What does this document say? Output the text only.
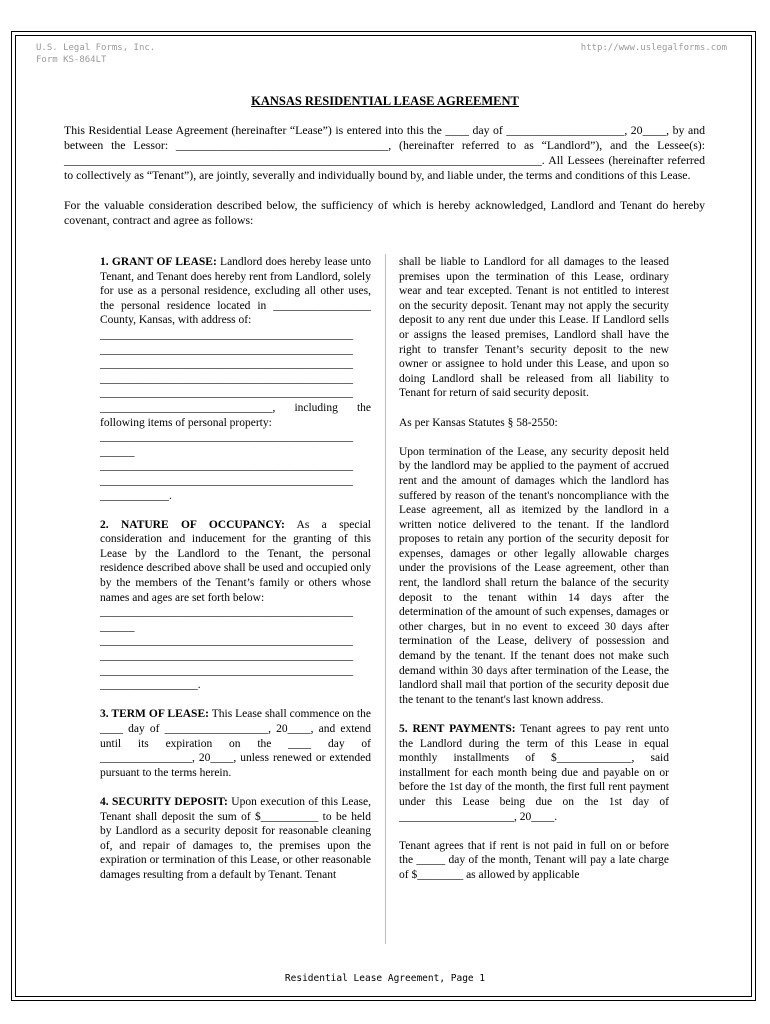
U.S. Legal Forms, Inc.
Form KS-864LT
http://www.uslegalforms.com
KANSAS RESIDENTIAL LEASE AGREEMENT

This Residential Lease Agreement (hereinafter “Lease”) is entered into this the ____ day of ____________________, 20____, by and between the Lessor: ____________________________________, (hereinafter referred to as “Landlord”), and the Lessee(s): _________________________________________________________________________________. All Lessees (hereinafter referred to collectively as “Tenant”), are jointly, severally and individually bound by, and liable under, the terms and conditions of this Lease.

For the valuable consideration described below, the sufficiency of which is hereby acknowledged, Landlord and Tenant do hereby covenant, contract and agree as follows:

1. GRANT OF LEASE: Landlord does hereby lease unto Tenant, and Tenant does hereby rent from Landlord, solely for use as a personal residence, excluding all other uses, the personal residence located in _________________ County, Kansas, with address of:

____________________________________________
____________________________________________
____________________________________________
____________________________________________
____________________________________________

______________________________, including the following items of personal property:

____________________________________________
______
____________________________________________
____________________________________________
____________.

2. NATURE OF OCCUPANCY: As a special consideration and inducement for the granting of this Lease by the Landlord to the Tenant, the personal residence described above shall be used and occupied only by the members of the Tenant’s family or others whose names and ages are set forth below:

____________________________________________
______
____________________________________________
____________________________________________
____________________________________________
_________________.

3. TERM OF LEASE: This Lease shall commence on the ____ day of __________________, 20____, and extend until its expiration on the ____ day of ________________, 20____, unless renewed or extended pursuant to the terms herein.

4. SECURITY DEPOSIT: Upon execution of this Lease, Tenant shall deposit the sum of $__________ to be held by Landlord as a security deposit for reasonable cleaning of, and repair of damages to, the premises upon the expiration or termination of this Lease, or other reasonable damages resulting from a default by Tenant. Tenant

shall be liable to Landlord for all damages to the leased premises upon the termination of this Lease, ordinary wear and tear excepted. Tenant is not entitled to interest on the security deposit. Tenant may not apply the security deposit to any rent due under this Lease. If Landlord sells or assigns the leased premises, Landlord shall have the right to transfer Tenant’s security deposit to the new owner or assignee to hold under this Lease, and upon so doing Landlord shall be released from all liability to Tenant for return of said security deposit.

As per Kansas Statutes § 58-2550:

Upon termination of the Lease, any security deposit held by the landlord may be applied to the payment of accrued rent and the amount of damages which the landlord has suffered by reason of the tenant's noncompliance with the Lease agreement, all as itemized by the landlord in a written notice delivered to the tenant. If the landlord proposes to retain any portion of the security deposit for expenses, damages or other legally allowable charges under the provisions of the Lease agreement, other than rent, the landlord shall return the balance of the security deposit to the tenant within 14 days after the determination of the amount of such expenses, damages or other charges, but in no event to exceed 30 days after termination of the Lease, delivery of possession and demand by the tenant. If the tenant does not make such demand within 30 days after termination of the Lease, the landlord shall mail that portion of the security deposit due the tenant to the tenant's last known address.

5. RENT PAYMENTS: Tenant agrees to pay rent unto the Landlord during the term of this Lease in equal monthly installments of $_____________, said installment for each month being due and payable on or before the 1st day of the month, the first full rent payment under this Lease being due on the 1st day of ____________________, 20____.

Tenant agrees that if rent is not paid in full on or before the _____ day of the month, Tenant will pay a late charge of $________ as allowed by applicable

Residential Lease Agreement, Page 1
